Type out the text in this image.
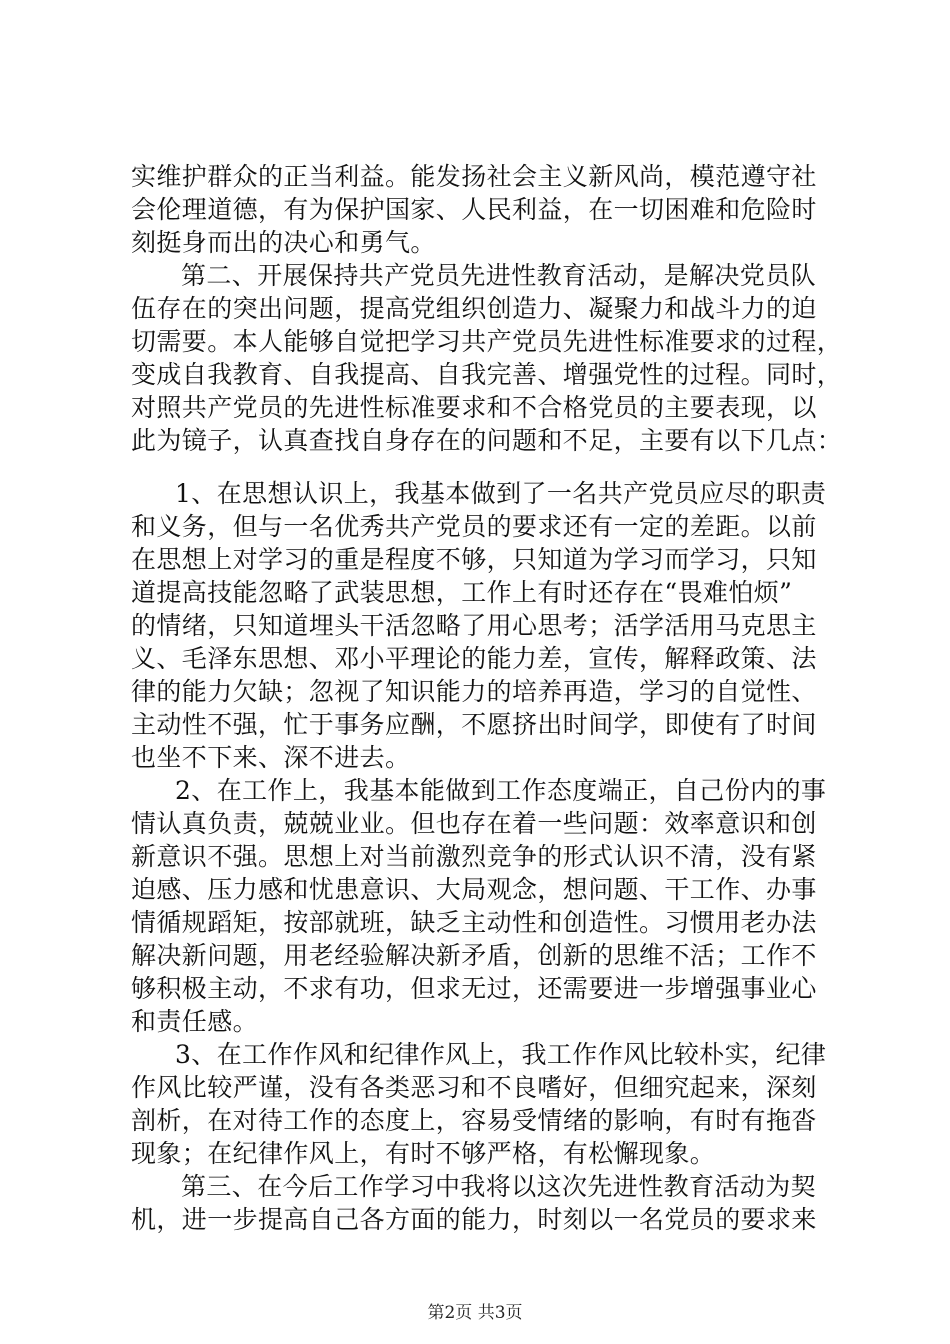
实维护群众的正当利益。能发扬社会主义新风尚，模范遵守社
会伦理道德，有为保护国家、人民利益，在一切困难和危险时
刻挺身而出的决心和勇气。

第二、开展保持共产党员先进性教育活动，是解决党员队
伍存在的突出问题，提高党组织创造力、凝聚力和战斗力的迫
切需要。本人能够自觉把学习共产党员先进性标准要求的过程，
变成自我教育、自我提高、自我完善、增强党性的过程。同时，
对照共产党员的先进性标准要求和不合格党员的主要表现，以
此为镜子，认真查找自身存在的问题和不足，主要有以下几点：

1、在思想认识上，我基本做到了一名共产党员应尽的职责
和义务，但与一名优秀共产党员的要求还有一定的差距。以前
在思想上对学习的重是程度不够，只知道为学习而学习，只知
道提高技能忽略了武装思想，工作上有时还存在“畏难怕烦”
的情绪，只知道埋头干活忽略了用心思考；活学活用马克思主
义、毛泽东思想、邓小平理论的能力差，宣传，解释政策、法
律的能力欠缺；忽视了知识能力的培养再造，学习的自觉性、
主动性不强，忙于事务应酬，不愿挤出时间学，即使有了时间
也坐不下来、深不进去。

2、在工作上，我基本能做到工作态度端正，自己份内的事
情认真负责，兢兢业业。但也存在着一些问题：效率意识和创
新意识不强。思想上对当前激烈竞争的形式认识不清，没有紧
迫感、压力感和忧患意识、大局观念，想问题、干工作、办事
情循规蹈矩，按部就班，缺乏主动性和创造性。习惯用老办法
解决新问题，用老经验解决新矛盾，创新的思维不活；工作不
够积极主动，不求有功，但求无过，还需要进一步增强事业心
和责任感。

3、在工作作风和纪律作风上，我工作作风比较朴实，纪律
作风比较严谨，没有各类恶习和不良嗜好，但细究起来，深刻
剖析，在对待工作的态度上，容易受情绪的影响，有时有拖沓
现象；在纪律作风上，有时不够严格，有松懈现象。

第三、在今后工作学习中我将以这次先进性教育活动为契
机，进一步提高自己各方面的能力，时刻以一名党员的要求来

第2页 共3页
